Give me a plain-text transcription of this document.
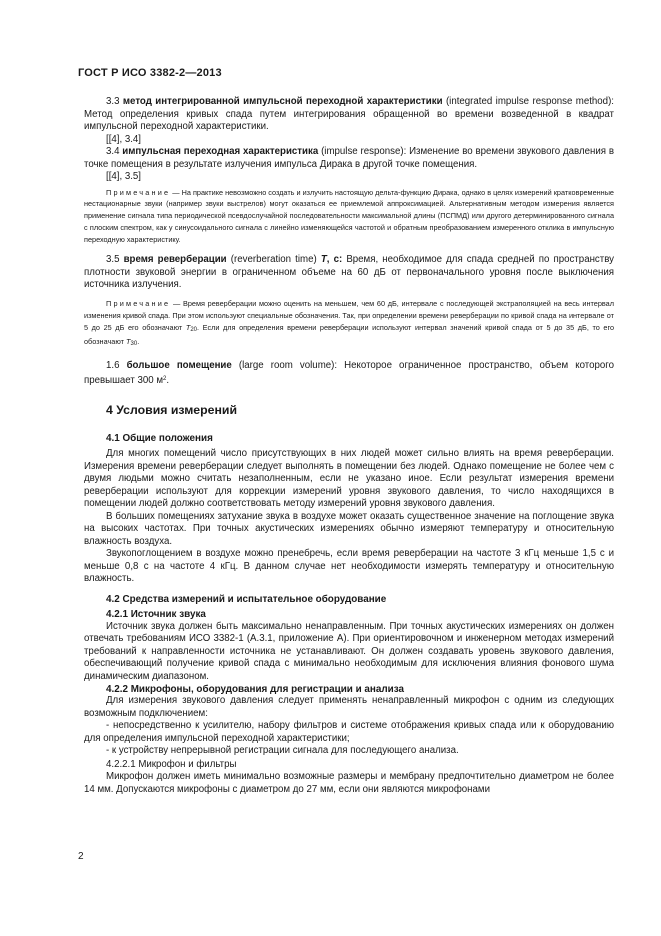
ГОСТ Р ИСО 3382-2—2013

3.3 метод интегрированной импульсной переходной характеристики (integrated impulse response method): Метод определения кривых спада путем интегрирования обращенной во времени возведенной в квадрат импульсной переходной характеристики.

[[4], 3.4]

3.4 импульсная переходная характеристика (impulse response): Изменение во времени звукового давления в точке помещения в результате излучения импульса Дирака в другой точке помещения.

[[4], 3.5]

Примечание — На практике невозможно создать и излучить настоящую дельта-функцию Дирака, однако в целях измерений кратковременные нестационарные звуки (например звуки выстрелов) могут оказаться ее приемлемой аппроксимацией. Альтернативным методом измерения является применение сигнала типа периодической псевдослучайной последовательности максимальной длины (ПСПМД) или другого детерминированного сигнала с плоским спектром, как у синусоидального сигнала с линейно изменяющейся частотой и обратным преобразованием измеренного отклика в импульсную переходную характеристику.

3.5 время реверберации (reverberation time) T, с: Время, необходимое для спада средней по пространству плотности звуковой энергии в ограниченном объеме на 60 дБ от первоначального уровня после выключения источника излучения.

Примечание — Время реверберации можно оценить на меньшем, чем 60 дБ, интервале с последующей экстраполяцией на весь интервал изменения кривой спада. При этом используют специальные обозначения. Так, при определении времени реверберации по кривой спада на интервале от 5 до 25 дБ его обозначают T20. Если для определения времени реверберации используют интервал значений кривой спада от 5 до 35 дБ, то его обозначают T30.

1.6 большое помещение (large room volume): Некоторое ограниченное пространство, объем которого превышает 300 $м^2$.

4 Условия измерений
4.1 Общие положения

Для многих помещений число присутствующих в них людей может сильно влиять на время реверберации. Измерения времени реверберации следует выполнять в помещении без людей. Однако помещение не более чем с двумя людьми можно считать незаполненным, если не указано иное. Если результат измерения времени реверберации используют для коррекции измерений уровня звукового давления, то число находящихся в помещении людей должно соответствовать методу измерений уровня звукового давления.

В больших помещениях затухание звука в воздухе может оказать существенное значение на поглощение звука на высоких частотах. При точных акустических измерениях обычно измеряют температуру и относительную влажность воздуха.

Звукопоглощением в воздухе можно пренебречь, если время реверберации на частоте 3 кГц меньше 1,5 с и меньше 0,8 с на частоте 4 кГц. В данном случае нет необходимости измерять температуру и относительную влажность.

4.2 Средства измерений и испытательное оборудование
4.2.1 Источник звука

Источник звука должен быть максимально ненаправленным. При точных акустических измерениях он должен отвечать требованиям ИСО 3382-1 (А.3.1, приложение А). При ориентировочном и инженерном методах измерений требований к направленности источника не устанавливают. Он должен создавать уровень звукового давления, обеспечивающий получение кривой спада с минимально необходимым для исключения влияния фонового шума динамическим диапазоном.

4.2.2 Микрофоны, оборудования для регистрации и анализа

Для измерения звукового давления следует применять ненаправленный микрофон с одним из следующих возможным подключением:

- непосредственно к усилителю, набору фильтров и системе отображения кривых спада или к оборудованию для определения импульсной переходной характеристики;

- к устройству непрерывной регистрации сигнала для последующего анализа.

4.2.2.1 Микрофон и фильтры

Микрофон должен иметь минимально возможные размеры и мембрану предпочтительно диаметром не более 14 мм. Допускаются микрофоны с диаметром до 27 мм, если они являются микрофонами

2
